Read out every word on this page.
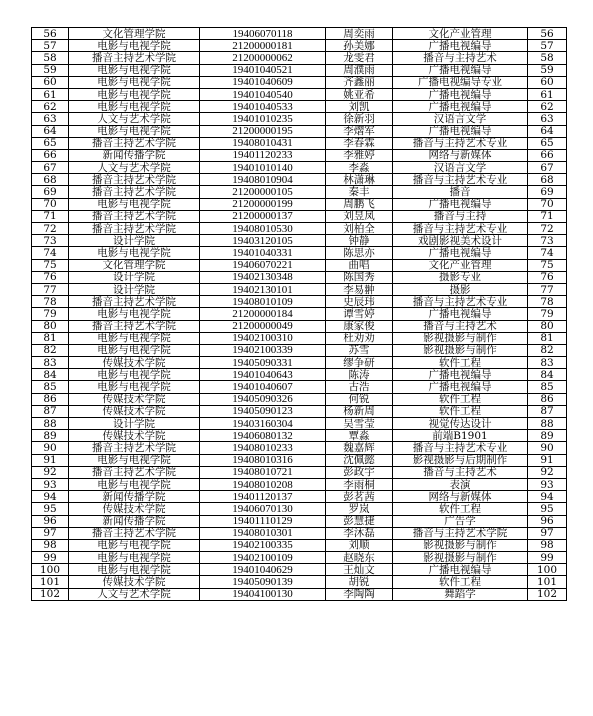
56	文化管理学院	19406070118	周奕雨	文化产业管理	56
57	电影与电视学院	21200000181	孙美娜	广播电视编导	57
58	播音主持艺术学院	21200000062	龙雯君	播音与主持艺术	58
59	电影与电视学院	19401040521	周濮雨	广播电视编导	59
60	电影与电视学院	19401040609	齐鑫丽	广播电视编导专业	60
61	电影与电视学院	19401040540	姚亚希	广播电视编导	61
62	电影与电视学院	19401040533	刘凯	广播电视编导	62
63	人文与艺术学院	19401010235	徐新羽	汉语言文学	63
64	电影与电视学院	21200000195	李熠军	广播电视编导	64
65	播音主持艺术学院	19408010431	李春霖	播音与主持艺术专业	65
66	新闻传播学院	19401120233	李雅婷	网络与新媒体	66
67	人文与艺术学院	19401010140	李淼	汉语言文学	67
68	播音主持艺术学院	19408010904	林潇琳	播音与主持艺术专业	68
69	播音主持艺术学院	21200000105	秦丰	播音	69
70	电影与电视学院	21200000199	周鹏飞	广播电视编导	70
71	播音主持艺术学院	21200000137	刘昱凤	播音与主持	71
72	播音主持艺术学院	19408010530	刘柏全	播音与主持艺术专业	72
73	设计学院	19403120105	钟静	戏剧影视美术设计	73
74	电影与电视学院	19401040331	陈思亦	广播电视编导	74
75	文化管理学院	19406070221	曲唱	文化产业管理	75
76	设计学院	19402130348	陈国秀	摄影专业	76
77	设计学院	19402130101	李易翀	摄影	77
78	播音主持艺术学院	19408010109	史辰玮	播音与主持艺术专业	78
79	电影与电视学院	21200000184	谭雪婷	广播电视编导	79
80	播音主持艺术学院	21200000049	康家俊	播音与主持艺术	80
81	电影与电视学院	19402100310	杜劝劝	影视摄影与制作	81
82	电影与电视学院	19402100339	苏雪	影视摄影与制作	82
83	传媒技术学院	19405090331	缪争研	软件工程	83
84	电影与电视学院	19401040643	陈涛	广播电视编导	84
85	电影与电视学院	19401040607	古浩	广播电视编导	85
86	传媒技术学院	19405090326	何锐	软件工程	86
87	传媒技术学院	19405090123	杨新周	软件工程	87
88	设计学院	19403160304	吴雪莹	视觉传达设计	88
89	传媒技术学院	19406080132	覃淼	前端B1901	89
90	播音主持艺术学院	19408010233	魏嘉辉	播音与主持艺术专业	90
91	电影与电视学院	19408010316	沈佩懿	影视摄影与后期制作	91
92	播音主持艺术学院	19408010721	彭政宇	播音与主持艺术	92
93	电影与电视学院	19408010208	李雨桐	表演	93
94	新闻传播学院	19401120137	彭茗茜	网络与新媒体	94
95	传媒技术学院	19406070130	罗岚	软件工程	95
96	新闻传播学院	19401110129	彭慧捷	广告学	96
97	播音主持艺术学院	19408010301	李沐磊	播音与主持艺术学院	97
98	电影与电视学院	19402100335	刘顺	影视摄影与制作	98
99	电影与电视学院	19402100109	赵晓东	影视摄影与制作	99
100	电影与电视学院	19401040629	王灿文	广播电视编导	100
101	传媒技术学院	19405090139	胡锐	软件工程	101
102	人文与艺术学院	19404100130	李陶陶	舞蹈学	102
